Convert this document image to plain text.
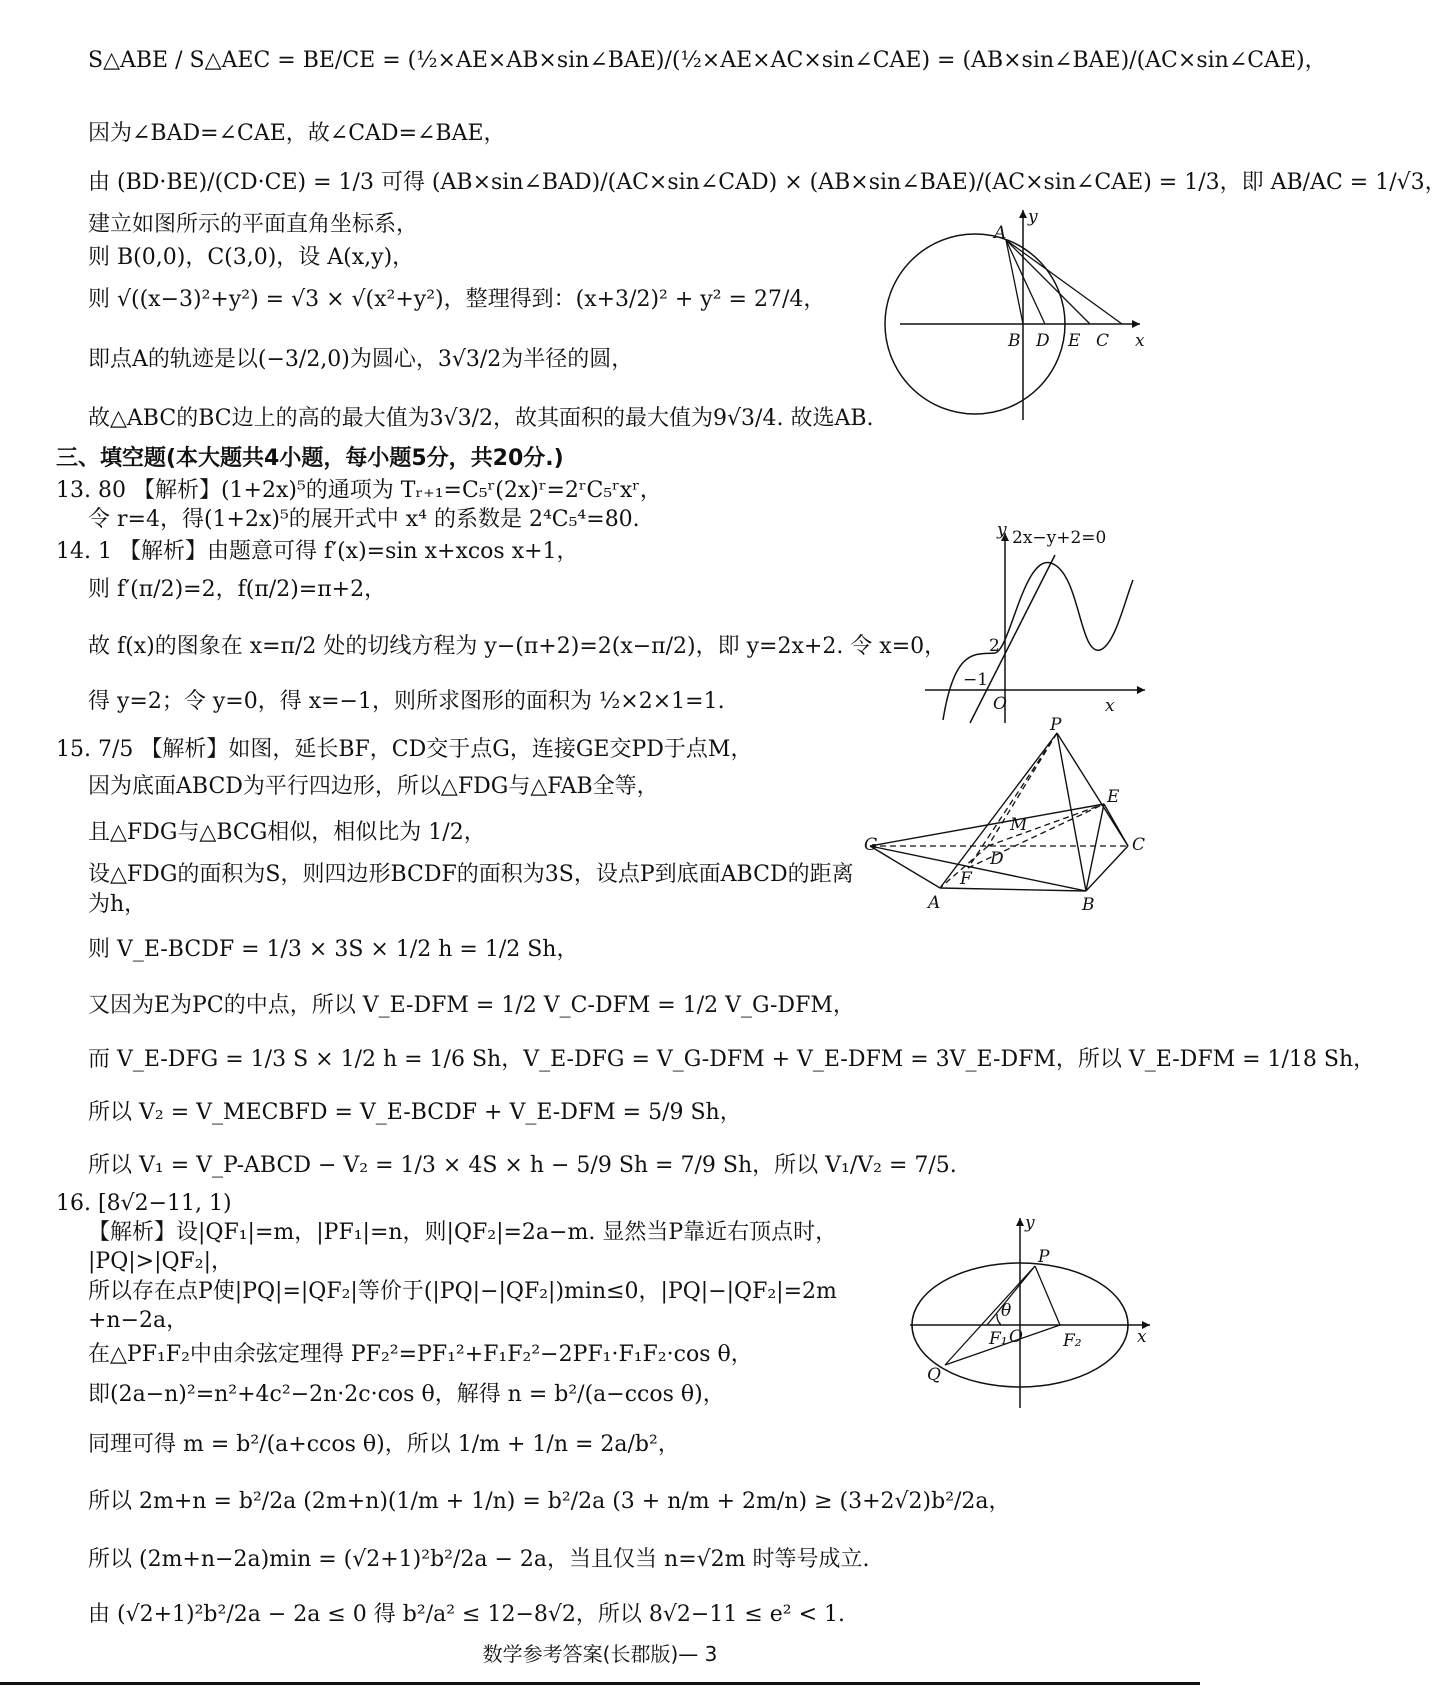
S△ABE / S△AEC = BE/CE = (½×AE×AB×sin∠BAE)/(½×AE×AC×sin∠CAE) = (AB×sin∠BAE)/(AC×sin∠CAE)，
因为∠BAD=∠CAE，故∠CAD=∠BAE，
由 (BD·BE)/(CD·CE) = 1/3 可得 (AB×sin∠BAD)/(AC×sin∠CAD) × (AB×sin∠BAE)/(AC×sin∠CAE) = 1/3，即 AB/AC = 1/√3，
建立如图所示的平面直角坐标系，
则 B(0,0)，C(3,0)，设 A(x,y)，
则 √((x−3)²+y²) = √3 × √(x²+y²)，整理得到：(x+3/2)² + y² = 27/4，
即点A的轨迹是以(−3/2,0)为圆心，3√3/2为半径的圆，
故△ABC的BC边上的高的最大值为3√3/2，故其面积的最大值为9√3/4. 故选AB.
三、填空题(本大题共4小题，每小题5分，共20分.)
13. 80 【解析】(1+2x)⁵的通项为 Tᵣ₊₁=C₅ʳ(2x)ʳ=2ʳC₅ʳxʳ，
令 r=4，得(1+2x)⁵的展开式中 x⁴ 的系数是 2⁴C₅⁴=80.
14. 1 【解析】由题意可得 f′(x)=sin x+xcos x+1，
则 f′(π/2)=2，f(π/2)=π+2，
故 f(x)的图象在 x=π/2 处的切线方程为 y−(π+2)=2(x−π/2)，即 y=2x+2. 令 x=0，
得 y=2；令 y=0，得 x=−1，则所求图形的面积为 ½×2×1=1.
15. 7/5 【解析】如图，延长BF，CD交于点G，连接GE交PD于点M，
因为底面ABCD为平行四边形，所以△FDG与△FAB全等，
且△FDG与△BCG相似，相似比为 1/2，
设△FDG的面积为S，则四边形BCDF的面积为3S，设点P到底面ABCD的距离
为h，
则 V_E-BCDF = 1/3 × 3S × 1/2 h = 1/2 Sh，
又因为E为PC的中点，所以 V_E-DFM = 1/2 V_C-DFM = 1/2 V_G-DFM，
而 V_E-DFG = 1/3 S × 1/2 h = 1/6 Sh，V_E-DFG = V_G-DFM + V_E-DFM = 3V_E-DFM，所以 V_E-DFM = 1/18 Sh，
所以 V₂ = V_MECBFD = V_E-BCDF + V_E-DFM = 5/9 Sh，
所以 V₁ = V_P-ABCD − V₂ = 1/3 × 4S × h − 5/9 Sh = 7/9 Sh，所以 V₁/V₂ = 7/5.
16. [8√2−11, 1)
【解析】设|QF₁|=m，|PF₁|=n，则|QF₂|=2a−m. 显然当P靠近右顶点时，
|PQ|>|QF₂|，
所以存在点P使|PQ|=|QF₂|等价于(|PQ|−|QF₂|)min≤0，|PQ|−|QF₂|=2m
+n−2a，
在△PF₁F₂中由余弦定理得 PF₂²=PF₁²+F₁F₂²−2PF₁·F₁F₂·cos θ，
即(2a−n)²=n²+4c²−2n·2c·cos θ，解得 n = b²/(a−ccos θ)，
同理可得 m = b²/(a+ccos θ)，所以 1/m + 1/n = 2a/b²，
所以 2m+n = b²/2a (2m+n)(1/m + 1/n) = b²/2a (3 + n/m + 2m/n) ≥ (3+2√2)b²/2a，
所以 (2m+n−2a)min = (√2+1)²b²/2a − 2a，当且仅当 n=√2m 时等号成立.
由 (√2+1)²b²/2a − 2a ≤ 0 得 b²/a² ≤ 12−8√2，所以 8√2−11 ≤ e² < 1.
y
A
B D E C x
2x−y+2=0
y
2
−1
O	x
P
E
M
G
D
C
F
A	B
y
P
θ
F₁ O F₂	x
Q
数学参考答案(长郡版)— 3
